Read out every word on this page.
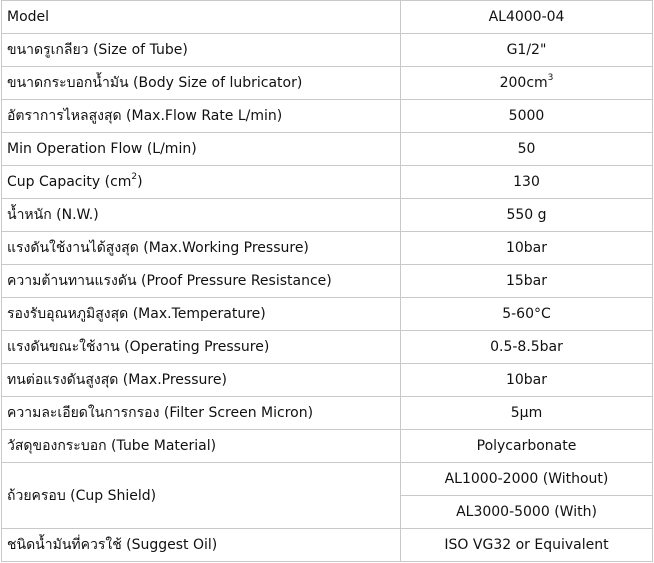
Model	AL4000-04
ขนาดรูเกลียว (Size of Tube)	G1/2"
ขนาดกระบอกน้ำมัน (Body Size of lubricator)	$200cm^3$
อัตราการไหลสูงสุด (Max.Flow Rate L/min)	5000
Min Operation Flow (L/min)	50
Cup Capacity $(cm^2)$	130
น้ำหนัก (N.W.)	550 g
แรงดันใช้งานได้สูงสุด (Max.Working Pressure)	10bar
ความต้านทานแรงดัน (Proof Pressure Resistance)	15bar
รองรับอุณหภูมิสูงสุด (Max.Temperature)	5-60°C
แรงดันขณะใช้งาน (Operating Pressure)	0.5-8.5bar
ทนต่อแรงดันสูงสุด (Max.Pressure)	10bar
ความละเอียดในการกรอง (Filter Screen Micron)	5μm
วัสดุของกระบอก (Tube Material)	Polycarbonate
ถ้วยครอบ (Cup Shield)	AL1000-2000 (Without)
	AL3000-5000 (With)
ชนิดน้ำมันที่ควรใช้ (Suggest Oil)	ISO VG32 or Equivalent
